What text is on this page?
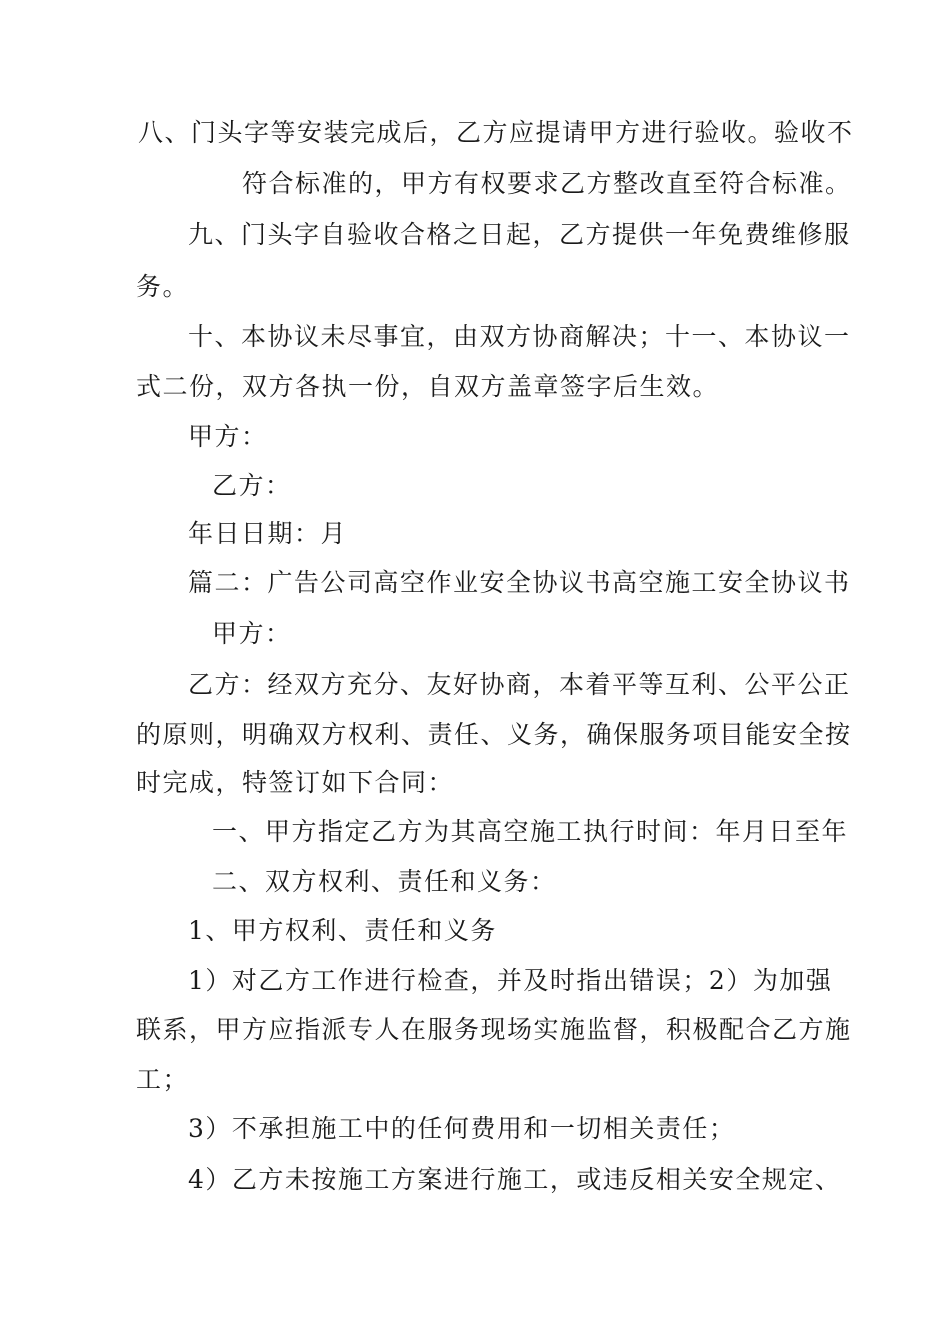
八、门头字等安装完成后，乙方应提请甲方进行验收。验收不
符合标准的，甲方有权要求乙方整改直至符合标准。
九、门头字自验收合格之日起，乙方提供一年免费维修服
务。
十、本协议未尽事宜，由双方协商解决；十一、本协议一
式二份，双方各执一份，自双方盖章签字后生效。
甲方：
乙方：
年日日期：月
篇二：广告公司高空作业安全协议书高空施工安全协议书
甲方：
乙方：经双方充分、友好协商，本着平等互利、公平公正
的原则，明确双方权利、责任、义务，确保服务项目能安全按
时完成，特签订如下合同：
一、甲方指定乙方为其高空施工执行时间：年月日至年
二、双方权利、责任和义务：
1、甲方权利、责任和义务
1）对乙方工作进行检查，并及时指出错误；2）为加强
联系，甲方应指派专人在服务现场实施监督，积极配合乙方施
工；
3）不承担施工中的任何费用和一切相关责任；
4）乙方未按施工方案进行施工，或违反相关安全规定、
